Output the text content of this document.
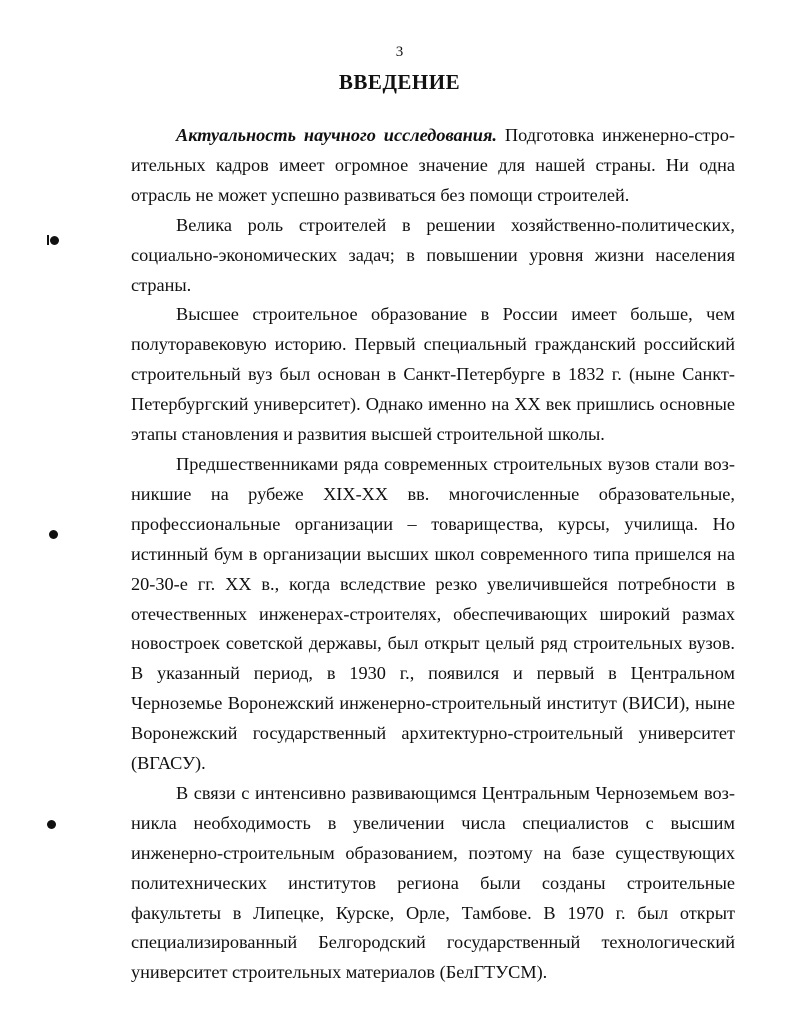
3
ВВЕДЕНИЕ

Актуальность научного исследования. Подготовка инженерно-строительных кадров имеет огромное значение для нашей страны. Ни одна отрасль не может успешно развиваться без помощи строителей.

Велика роль строителей в решении хозяйственно-политических, социально-экономических задач; в повышении уровня жизни населения страны.

Высшее строительное образование в России имеет больше, чем полуторавековую историю. Первый специальный гражданский российский строительный вуз был основан в Санкт-Петербурге в 1832 г. (ныне Санкт-Петербургский университет). Однако именно на XX век пришлись основные этапы становления и развития высшей строительной школы.

Предшественниками ряда современных строительных вузов стали возникшие на рубеже XIX-XX вв. многочисленные образовательные, профессиональные организации – товарищества, курсы, училища. Но истинный бум в организации высших школ современного типа пришелся на 20-30-е гг. XX в., когда вследствие резко увеличившейся потребности в отечественных инженерах-строителях, обеспечивающих широкий размах новостроек советской державы, был открыт целый ряд строительных вузов. В указанный период, в 1930 г., появился и первый в Центральном Черноземье Воронежский инженерно-строительный институт (ВИСИ), ныне Воронежский государственный архитектурно-строительный университет (ВГАСУ).

В связи с интенсивно развивающимся Центральным Черноземьем возникла необходимость в увеличении числа специалистов с высшим инженерно-строительным образованием, поэтому на базе существующих политехнических институтов региона были созданы строительные факультеты в Липецке, Курске, Орле, Тамбове. В 1970 г. был открыт специализированный Белгородский государственный технологический университет строительных материалов (БелГТУСМ).
